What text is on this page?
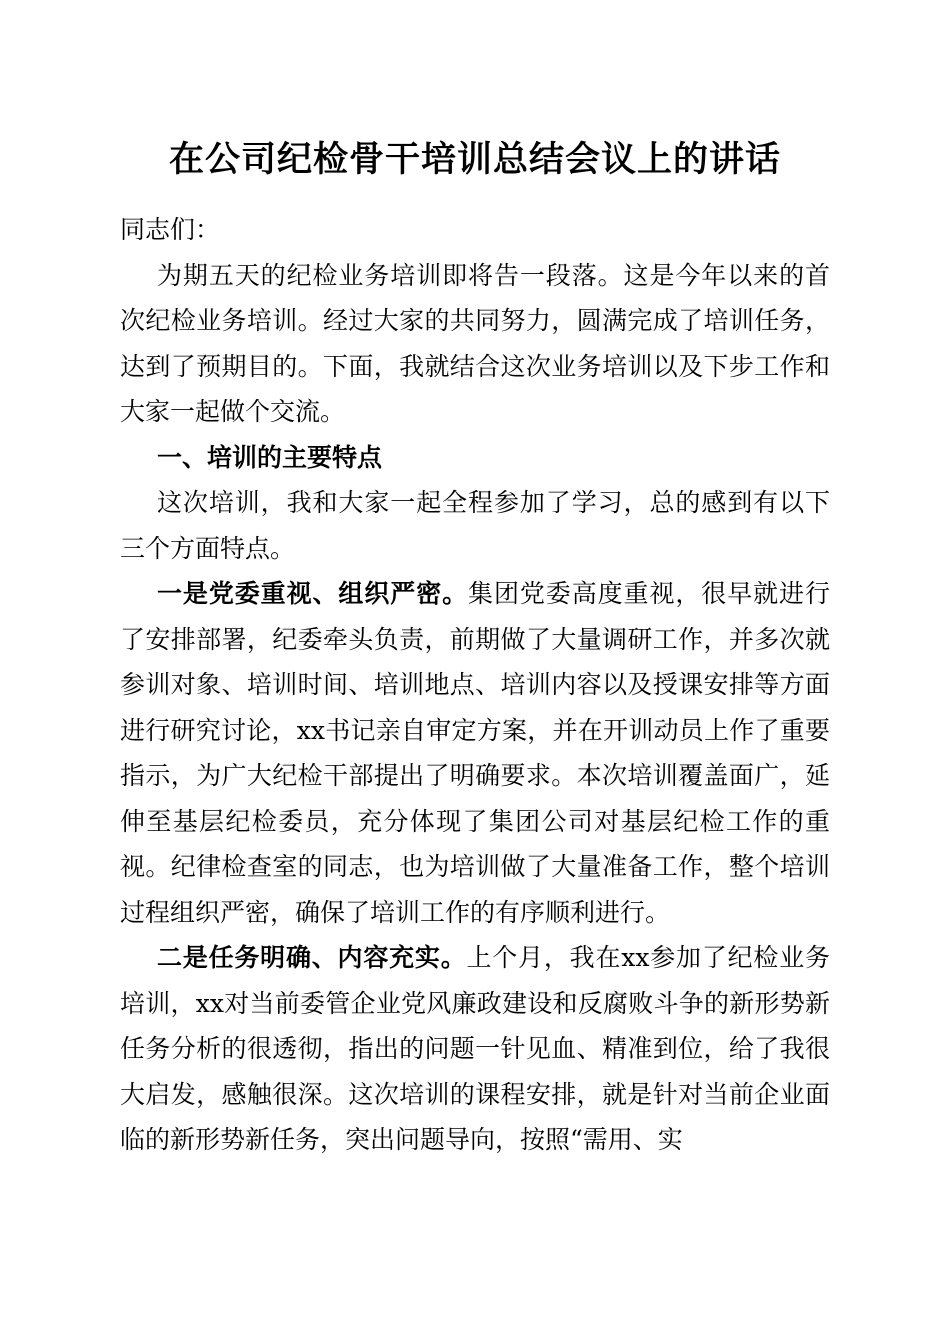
在公司纪检骨干培训总结会议上的讲话

同志们：

为期五天的纪检业务培训即将告一段落。这是今年以来的首次纪检业务培训。经过大家的共同努力，圆满完成了培训任务，达到了预期目的。下面，我就结合这次业务培训以及下步工作和大家一起做个交流。

一、培训的主要特点

这次培训，我和大家一起全程参加了学习，总的感到有以下三个方面特点。

一是党委重视、组织严密。集团党委高度重视，很早就进行了安排部署，纪委牵头负责，前期做了大量调研工作，并多次就参训对象、培训时间、培训地点、培训内容以及授课安排等方面进行研究讨论，xx书记亲自审定方案，并在开训动员上作了重要指示，为广大纪检干部提出了明确要求。本次培训覆盖面广，延伸至基层纪检委员，充分体现了集团公司对基层纪检工作的重视。纪律检查室的同志，也为培训做了大量准备工作，整个培训过程组织严密，确保了培训工作的有序顺利进行。

二是任务明确、内容充实。上个月，我在xx参加了纪检业务培训，xx对当前委管企业党风廉政建设和反腐败斗争的新形势新任务分析的很透彻，指出的问题一针见血、精准到位，给了我很大启发，感触很深。这次培训的课程安排，就是针对当前企业面临的新形势新任务，突出问题导向，按照“需用、实
